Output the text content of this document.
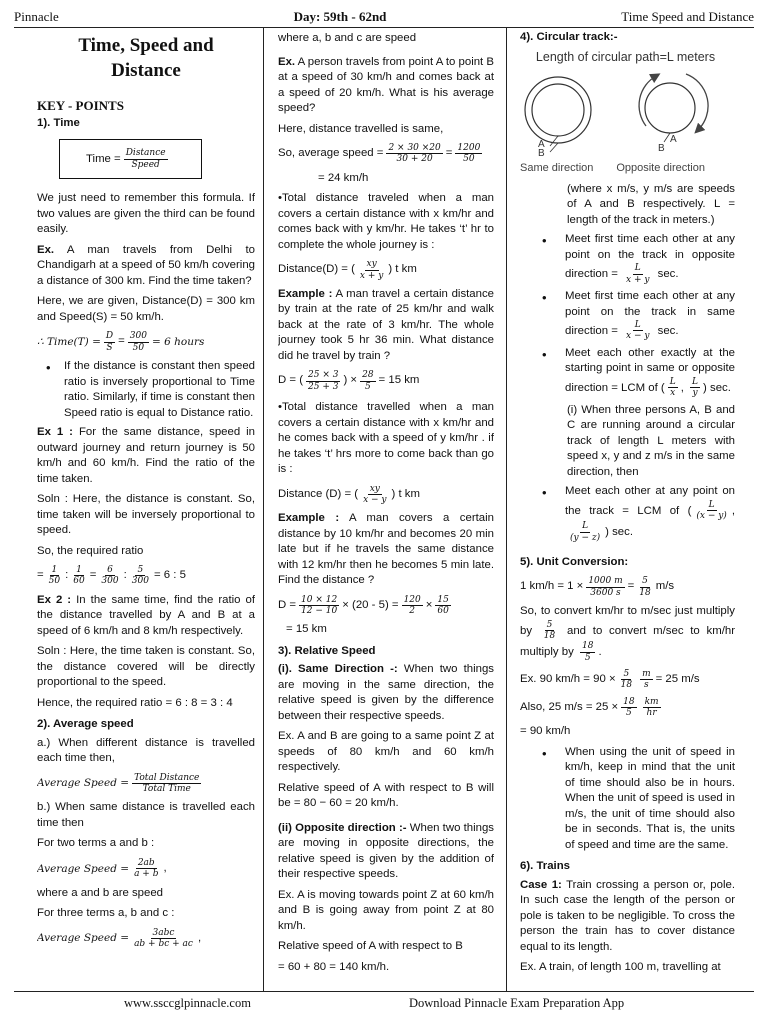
Pinnacle	Day: 59th - 62nd	Time Speed and Distance
Time, Speed and
Distance
KEY - POINTS
1). Time
Time = $\frac{\text{Distance}}{\text{Speed}}$

We just need to remember this formula. If two values are given the third can be found easily.

Ex. A man travels from Delhi to Chandigarh at a speed of 50 km/h covering a distance of 300 km. Find the time taken?

Here, we are given, Distance(D) = 300 km and Speed(S) = 50 km/h.

∴ Time(T) = $\frac{D}{S} = \frac{300}{50} = 6$ hours
• If the distance is constant then speed ratio is inversely proportional to Time ratio. Similarly, if time is constant then Speed ratio is equal to Distance ratio.

Ex 1 : For the same distance, speed in outward journey and return journey is 50 km/h and 60 km/h. Find the ratio of the time taken.

Soln : Here, the distance is constant. So, time taken will be inversely proportional to speed.

So, the required ratio

= $\frac{1}{50}$ : $\frac{1}{60} = \frac{6}{300}$ : $\frac{5}{300} = 6$ : 5

Ex 2 : In the same time, find the ratio of the distance travelled by A and B at a speed of 6 km/h and 8 km/h respectively.

Soln : Here, the time taken is constant. So, the distance covered will be directly proportional to the speed.

Hence, the required ratio = 6 : 8 = 3 : 4

2). Average speed

a.) When different distance is travelled each time then,

Average Speed = $\frac{\text{Total Distance}}{\text{Total Time}}$

b.) When same distance is travelled each time then

For two terms a and b :

Average Speed = $\frac{2ab}{a + b}$ ,

where a and b are speed

For three terms a, b and c :

Average Speed = $\frac{\text{3abc}}{ab + bc + ac}$ ,

where a, b and c are speed

Ex. A person travels from point A to point B at a speed of 30 km/h and comes back at a speed of 20 km/h. What is his average speed?

Here, distance travelled is same,

So, average speed = $\frac{2 \times 30 \times 20}{30 + 20} = \frac{1200}{50}$

= 24 km/h

•Total distance traveled when a man covers a certain distance with x km/hr and comes back with y km/hr. He takes ‘t’ hr to complete the whole journey is :

Distance(D) = ( $\frac{xy}{x + y}$ ) t km

Example : A man travel a certain distance by train at the rate of 25 km/hr and walk back at the rate of 3 km/hr. The whole journey took 5 hr 36 min. What distance did he travel by train ?

D = ( $\frac{25 \times 3}{25 + 3}$ ) × $\frac{28}{5} = 15$ km

•Total distance travelled when a man covers a certain distance with x km/hr and he comes back with a speed of y km/hr . if he takes ‘t’ hrs more to come back than go is :

Distance (D) = ( $\frac{xy}{x - y}$ ) t km

Example : A man covers a certain distance by 10 km/hr and becomes 20 min late but if he travels the same distance with 12 km/hr then he becomes 5 min late. Find the distance ?

$D = \frac{10 \times 12}{12 - 10} \times (20 - 5) = \frac{120}{2} \times \frac{15}{60}$

= 15 km

3). Relative Speed

(i). Same Direction -: When two things are moving in the same direction, the relative speed is given by the difference between their respective speeds.

Ex. A and B are going to a same point Z at speeds of 80 km/h and 60 km/h respectively.

Relative speed of A with respect to B will be = 80 − 60 = 20 km/h.

(ii) Opposite direction :- When two things are moving in opposite directions, the relative speed is given by the addition of their respective speeds.

Ex. A is moving towards point Z at 60 km/h and B is going away from point Z at 80 km/h.

Relative speed of A with respect to B

= 60 + 80 = 140 km/h.

4). Circular track:-
Length of circular path=L meters
A
B
A
B
Same direction Opposite direction

(where x m/s, y m/s are speeds of A and B respectively. L = length of the track in meters.)

• Meet first time each other at any point on the track in opposite direction = $\frac{L}{x + y} \sec$.
• Meet first time each other at any point on the track in same direction = $\frac{L}{x - y} \sec$.
• Meet each other exactly at the starting point in same or opposite direction = LCM of ( $\frac{L}{x}$ , $\frac{L}{y}$ ) sec.

(i) When three persons A, B and C are running around a circular track of length L meters with speed x, y and z m/s in the same direction, then

• Meet each other at any point on the track = LCM of ( $\frac{L}{(x - y)}$ ,
$\frac{L}{(y - z)}$ ) sec.
5). Unit Conversion:
1 $km/h = 1 \times \frac{1000 m}{3600 s} = \frac{5}{18} m/s$

So, to convert km/hr to m/sec just multiply by $\frac{5}{18}$ and to convert m/sec to km/hr multiply by $\frac{18}{5}$ .

Ex. 90 $km/h = 90 \times \frac{5}{18} \frac{m}{s} = 25$ m/s
Also, 25 $m/s = 25 \times \frac{18}{5} \frac{km}{hr}$

= 90 km/h

• When using the unit of speed in km/h, keep in mind that the unit of time should also be in hours. When the unit of speed is used in m/s, the unit of time should also be in seconds. That is, the units of speed and time are the same.
6). Trains

Case 1: Train crossing a person or, pole. In such case the length of the person or pole is taken to be negligible. To cross the person the train has to cover distance equal to its length.

Ex. A train, of length 100 m, travelling at

www.ssccglpinnacle.com	Download Pinnacle Exam Preparation App
